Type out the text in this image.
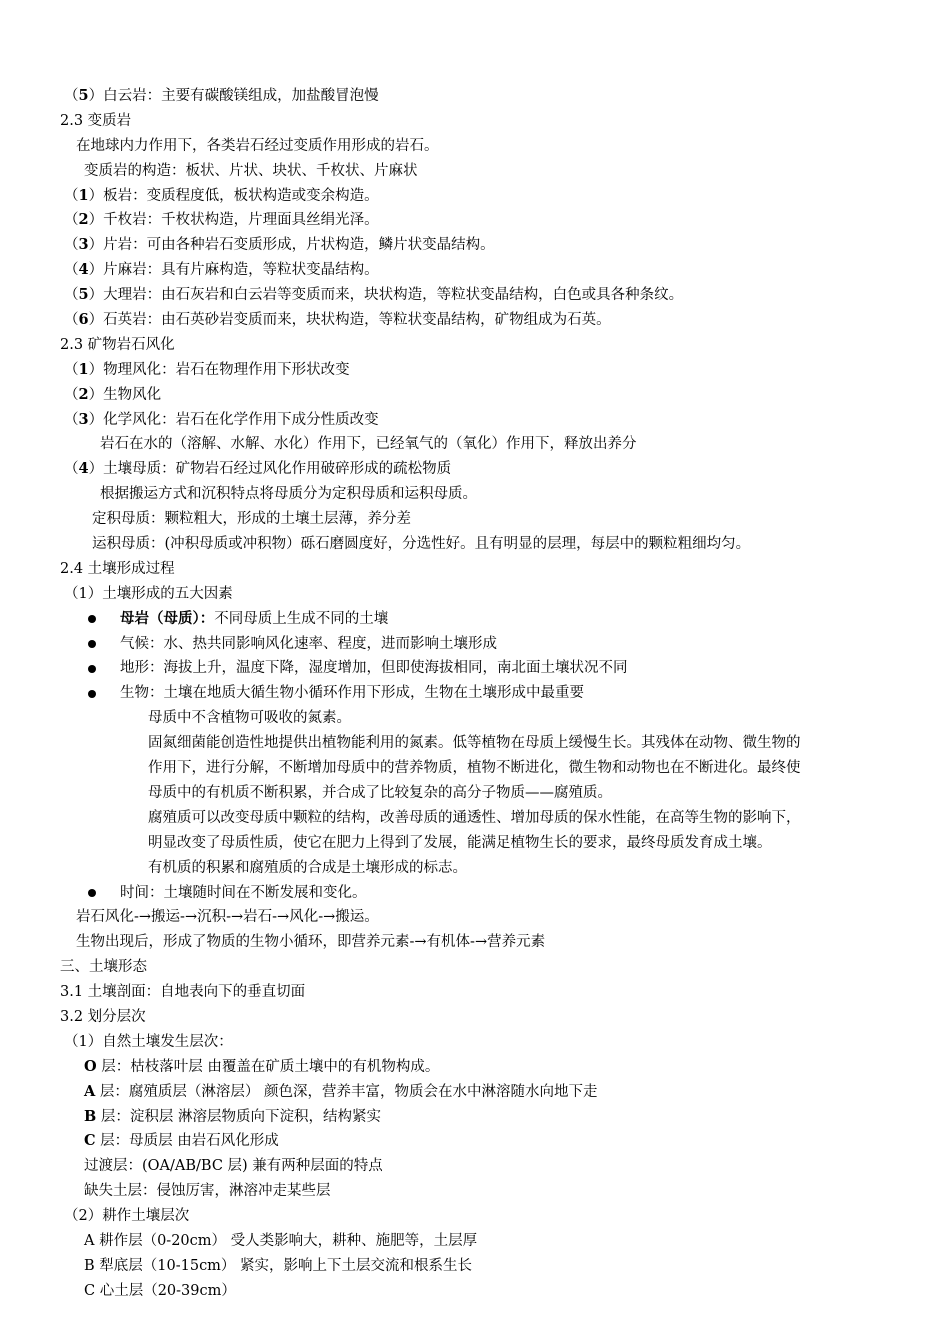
（5）白云岩：主要有碳酸镁组成，加盐酸冒泡慢
2.3 变质岩
在地球内力作用下，各类岩石经过变质作用形成的岩石。
变质岩的构造：板状、片状、块状、千枚状、片麻状
（1）板岩：变质程度低，板状构造或变余构造。
（2）千枚岩：千枚状构造，片理面具丝绢光泽。
（3）片岩：可由各种岩石变质形成，片状构造，鳞片状变晶结构。
（4）片麻岩：具有片麻构造，等粒状变晶结构。
（5）大理岩：由石灰岩和白云岩等变质而来，块状构造，等粒状变晶结构，白色或具各种条纹。
（6）石英岩：由石英砂岩变质而来，块状构造，等粒状变晶结构，矿物组成为石英。
2.3 矿物岩石风化
（1）物理风化：岩石在物理作用下形状改变
（2）生物风化
（3）化学风化：岩石在化学作用下成分性质改变
岩石在水的（溶解、水解、水化）作用下，已经氧气的（氧化）作用下，释放出养分
（4）土壤母质：矿物岩石经过风化作用破碎形成的疏松物质
根据搬运方式和沉积特点将母质分为定积母质和运积母质。
定积母质：颗粒粗大，形成的土壤土层薄，养分差
运积母质：(冲积母质或冲积物）砾石磨圆度好，分选性好。且有明显的层理，每层中的颗粒粗细均匀。
2.4 土壤形成过程
（1）土壤形成的五大因素
母岩（母质）：不同母质上生成不同的土壤
气候：水、热共同影响风化速率、程度，进而影响土壤形成
地形：海拔上升，温度下降，湿度增加，但即使海拔相同，南北面土壤状况不同
生物：土壤在地质大循生物小循环作用下形成，生物在土壤形成中最重要
母质中不含植物可吸收的氮素。
固氮细菌能创造性地提供出植物能利用的氮素。低等植物在母质上缓慢生长。其残体在动物、微生物的
作用下，进行分解，不断增加母质中的营养物质，植物不断进化，微生物和动物也在不断进化。最终使
母质中的有机质不断积累，并合成了比较复杂的高分子物质——腐殖质。
腐殖质可以改变母质中颗粒的结构，改善母质的通透性、增加母质的保水性能，在高等生物的影响下，
明显改变了母质性质，使它在肥力上得到了发展，能满足植物生长的要求，最终母质发育成土壤。
有机质的积累和腐殖质的合成是土壤形成的标志。
时间：土壤随时间在不断发展和变化。
岩石风化-→搬运-→沉积-→岩石-→风化-→搬运。
生物出现后，形成了物质的生物小循环，即营养元素-→有机体-→营养元素
三、土壤形态
3.1 土壤剖面：自地表向下的垂直切面
3.2 划分层次
（1）自然土壤发生层次：
O 层：枯枝落叶层 由覆盖在矿质土壤中的有机物构成。
A 层：腐殖质层（淋溶层） 颜色深，营养丰富，物质会在水中淋溶随水向地下走
B 层：淀积层 淋溶层物质向下淀积，结构紧实
C 层：母质层 由岩石风化形成
过渡层：(OA/AB/BC 层) 兼有两种层面的特点
缺失土层：侵蚀厉害，淋溶冲走某些层
（2）耕作土壤层次
A 耕作层（0-20cm） 受人类影响大，耕种、施肥等，土层厚
B 犁底层（10-15cm） 紧实，影响上下土层交流和根系生长
C 心土层（20-39cm）
